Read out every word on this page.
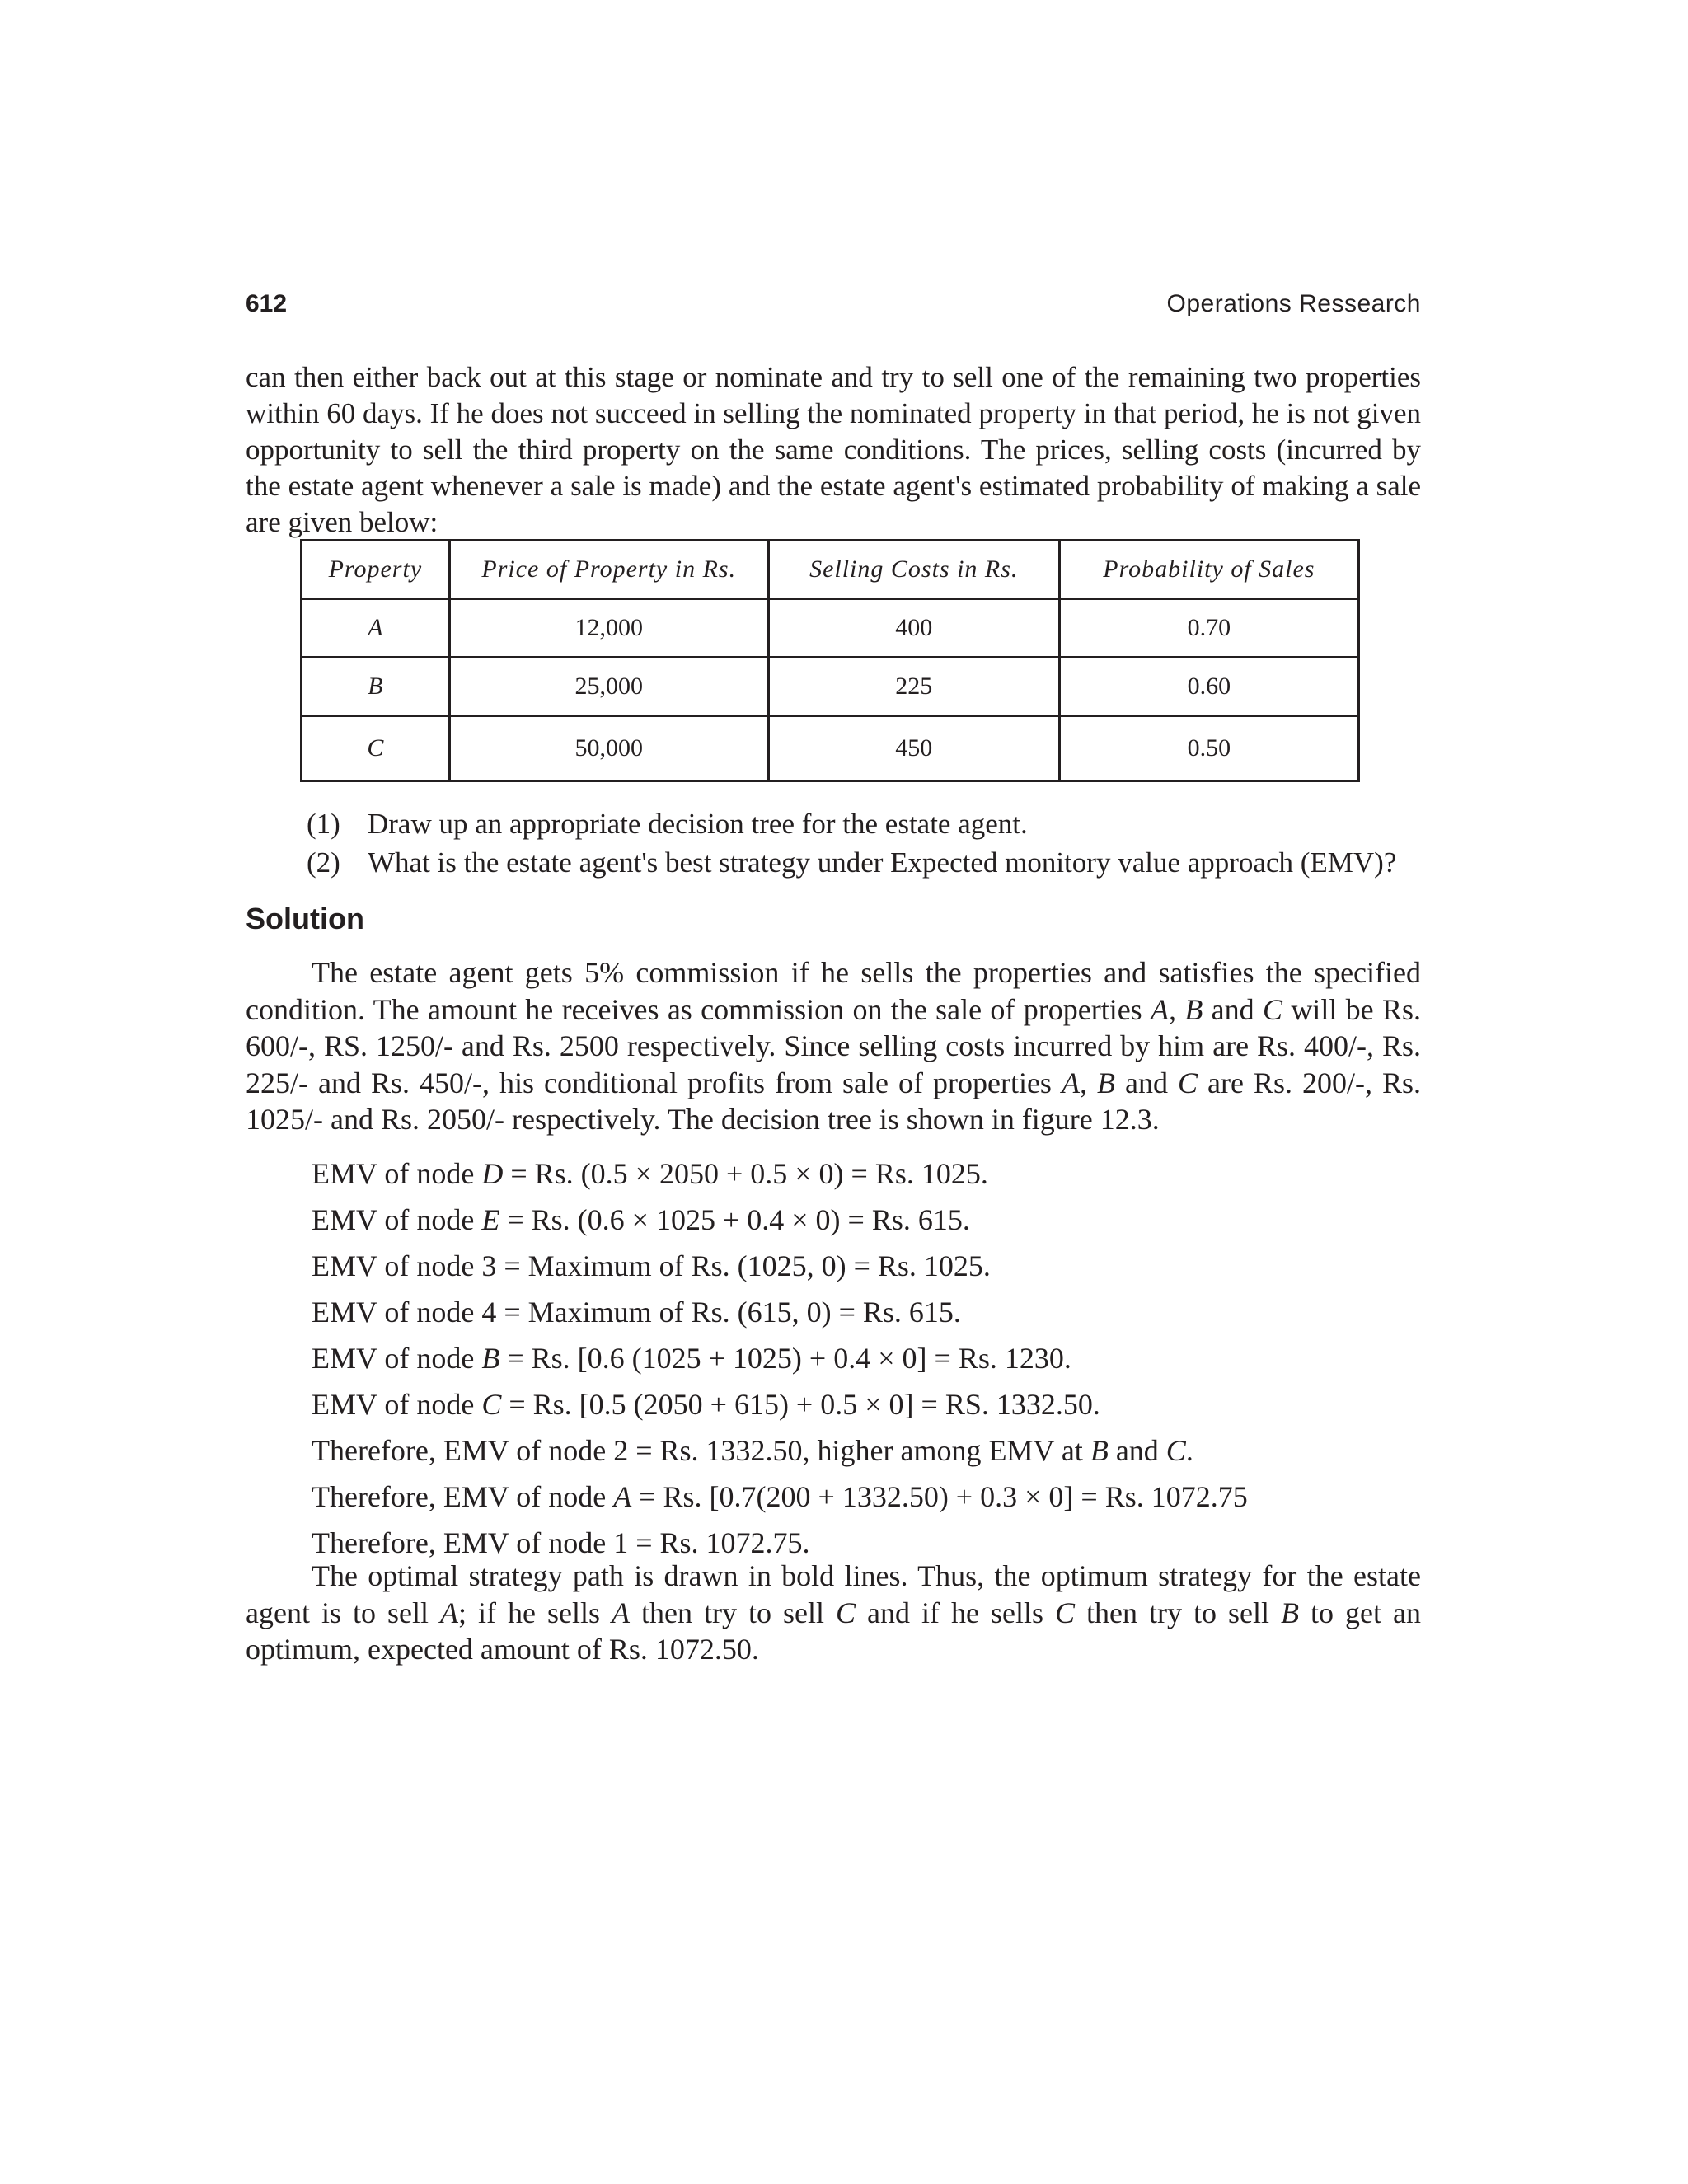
612	Operations Ressearch

can then either back out at this stage or nominate and try to sell one of the remaining two properties within 60 days. If he does not succeed in selling the nominated property in that period, he is not given opportunity to sell the third property on the same conditions. The prices, selling costs (incurred by the estate agent whenever a sale is made) and the estate agent's estimated probability of making a sale are given below:

Property	Price of Property in Rs.	Selling Costs in Rs.	Probability of Sales
A	12,000	400	0.70
B	25,000	225	0.60
C	50,000	450	0.50
(1) Draw up an appropriate decision tree for the estate agent.
(2) What is the estate agent's best strategy under Expected monitory value approach (EMV)?
Solution

The estate agent gets 5% commission if he sells the properties and satisfies the specified condition. The amount he receives as commission on the sale of properties A, B and C will be Rs. 600/-, RS. 1250/- and Rs. 2500 respectively. Since selling costs incurred by him are Rs. 400/-, Rs. 225/- and Rs. 450/-, his conditional profits from sale of properties A, B and C are Rs. 200/-, Rs. 1025/- and Rs. 2050/- respectively. The decision tree is shown in figure 12.3.

EMV of node D = Rs. (0.5 × 2050 + 0.5 × 0) = Rs. 1025.
EMV of node E = Rs. (0.6 × 1025 + 0.4 × 0) = Rs. 615.
EMV of node 3 = Maximum of Rs. (1025, 0) = Rs. 1025.
EMV of node 4 = Maximum of Rs. (615, 0) = Rs. 615.
EMV of node B = Rs. [0.6 (1025 + 1025) + 0.4 × 0] = Rs. 1230.
EMV of node C = Rs. [0.5 (2050 + 615) + 0.5 × 0] = RS. 1332.50.
Therefore, EMV of node 2 = Rs. 1332.50, higher among EMV at B and C.
Therefore, EMV of node A = Rs. [0.7(200 + 1332.50) + 0.3 × 0] = Rs. 1072.75
Therefore, EMV of node 1 = Rs. 1072.75.

The optimal strategy path is drawn in bold lines. Thus, the optimum strategy for the estate agent is to sell A; if he sells A then try to sell C and if he sells C then try to sell B to get an optimum, expected amount of Rs. 1072.50.
